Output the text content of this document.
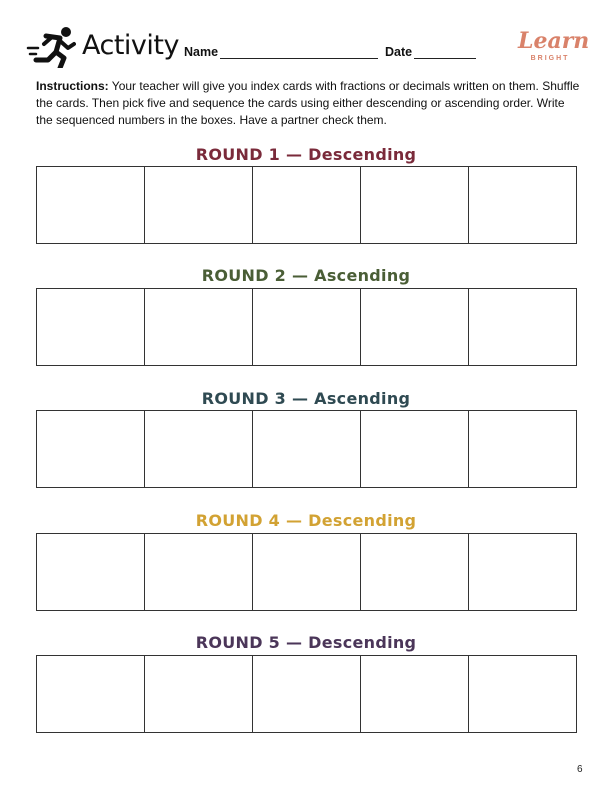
Activity Name	Date	Learn
BRIGHT
Instructions: Your teacher will give you index cards with fractions or decimals written on them. Shuffle the cards. Then pick five and sequence the cards using either descending or ascending order. Write the sequenced numbers in the boxes. Have a partner check them.
ROUND 1 — Descending
ROUND 2 — Ascending
ROUND 3 — Ascending
ROUND 4 — Descending
ROUND 5 — Descending
6
